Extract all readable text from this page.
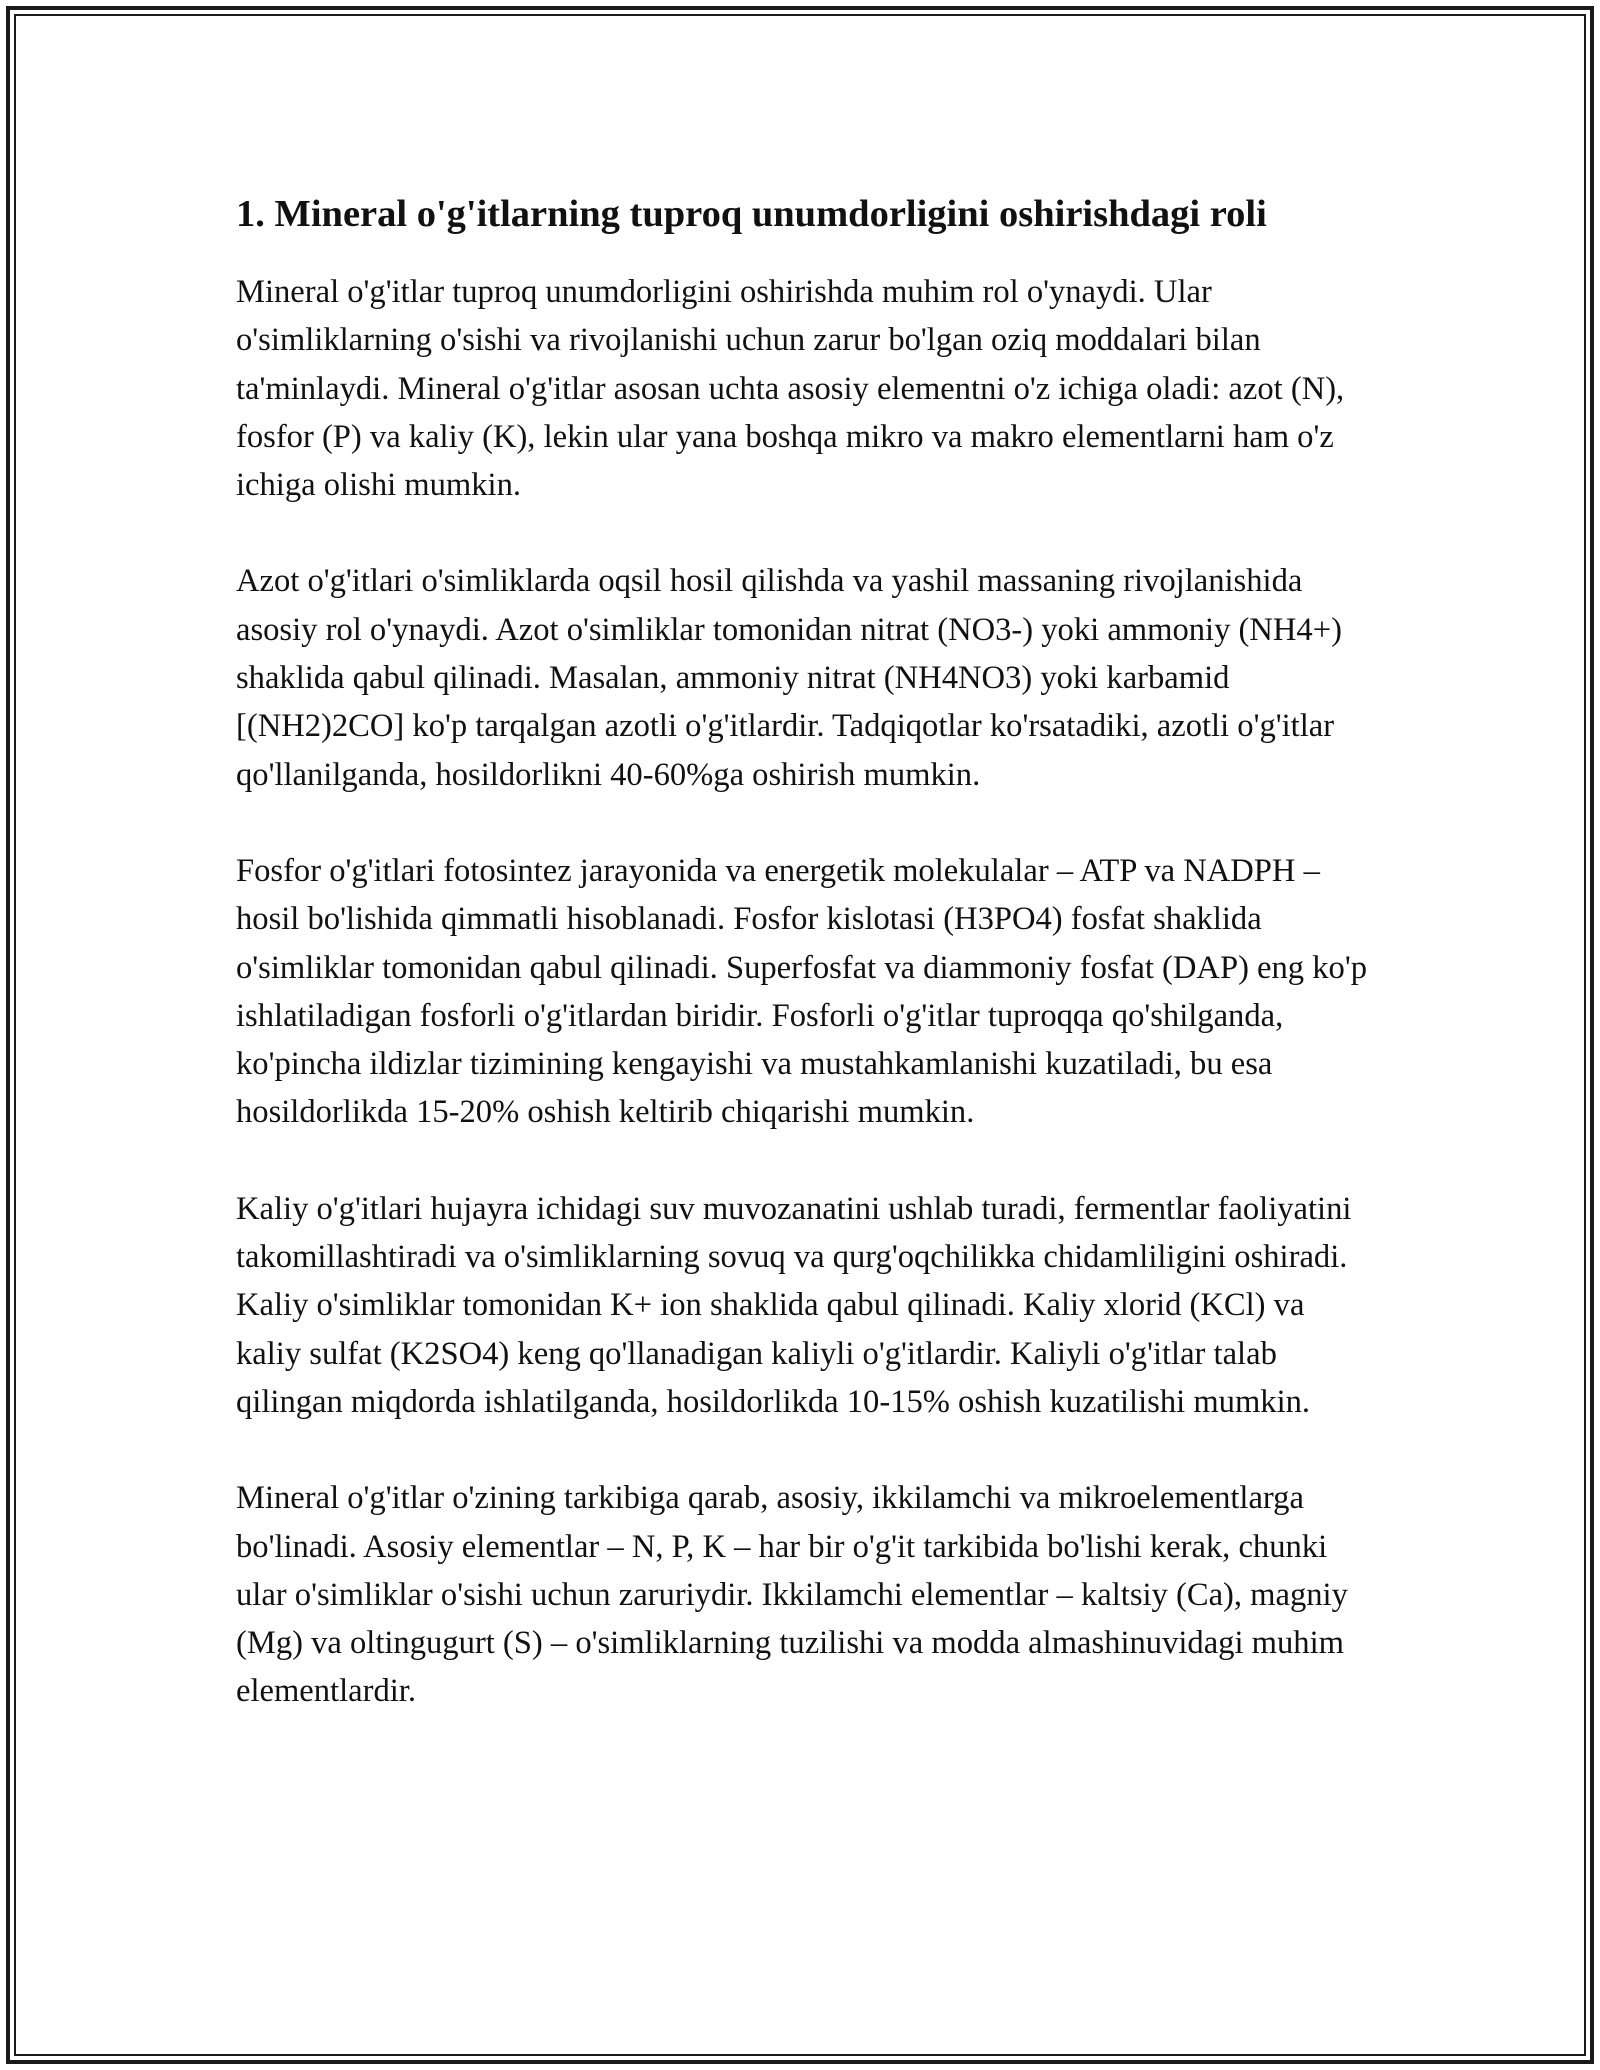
1. Mineral o'g'itlarning tuproq unumdorligini oshirishdagi roli

Mineral o'g'itlar tuproq unumdorligini oshirishda muhim rol o'ynaydi. Ular o'simliklarning o'sishi va rivojlanishi uchun zarur bo'lgan oziq moddalari bilan ta'minlaydi. Mineral o'g'itlar asosan uchta asosiy elementni o'z ichiga oladi: azot (N), fosfor (P) va kaliy (K), lekin ular yana boshqa mikro va makro elementlarni ham o'z ichiga olishi mumkin.

Azot o'g'itlari o'simliklarda oqsil hosil qilishda va yashil massaning rivojlanishida asosiy rol o'ynaydi. Azot o'simliklar tomonidan nitrat (NO3-) yoki ammoniy (NH4+) shaklida qabul qilinadi. Masalan, ammoniy nitrat (NH4NO3) yoki karbamid [(NH2)2CO] ko'p tarqalgan azotli o'g'itlardir. Tadqiqotlar ko'rsatadiki, azotli o'g'itlar qo'llanilganda, hosildorlikni 40-60%ga oshirish mumkin.

Fosfor o'g'itlari fotosintez jarayonida va energetik molekulalar – ATP va NADPH – hosil bo'lishida qimmatli hisoblanadi. Fosfor kislotasi (H3PO4) fosfat shaklida o'simliklar tomonidan qabul qilinadi. Superfosfat va diammoniy fosfat (DAP) eng ko'p ishlatiladigan fosforli o'g'itlardan biridir. Fosforli o'g'itlar tuproqqa qo'shilganda, ko'pincha ildizlar tizimining kengayishi va mustahkamlanishi kuzatiladi, bu esa hosildorlikda 15-20% oshish keltirib chiqarishi mumkin.

Kaliy o'g'itlari hujayra ichidagi suv muvozanatini ushlab turadi, fermentlar faoliyatini takomillashtiradi va o'simliklarning sovuq va qurg'oqchilikka chidamliligini oshiradi. Kaliy o'simliklar tomonidan K+ ion shaklida qabul qilinadi. Kaliy xlorid (KCl) va kaliy sulfat (K2SO4) keng qo'llanadigan kaliyli o'g'itlardir. Kaliyli o'g'itlar talab qilingan miqdorda ishlatilganda, hosildorlikda 10-15% oshish kuzatilishi mumkin.

Mineral o'g'itlar o'zining tarkibiga qarab, asosiy, ikkilamchi va mikroelementlarga bo'linadi. Asosiy elementlar – N, P, K – har bir o'g'it tarkibida bo'lishi kerak, chunki ular o'simliklar o'sishi uchun zaruriydir. Ikkilamchi elementlar – kaltsiy (Ca), magniy (Mg) va oltingugurt (S) – o'simliklarning tuzilishi va modda almashinuvidagi muhim elementlardir.
